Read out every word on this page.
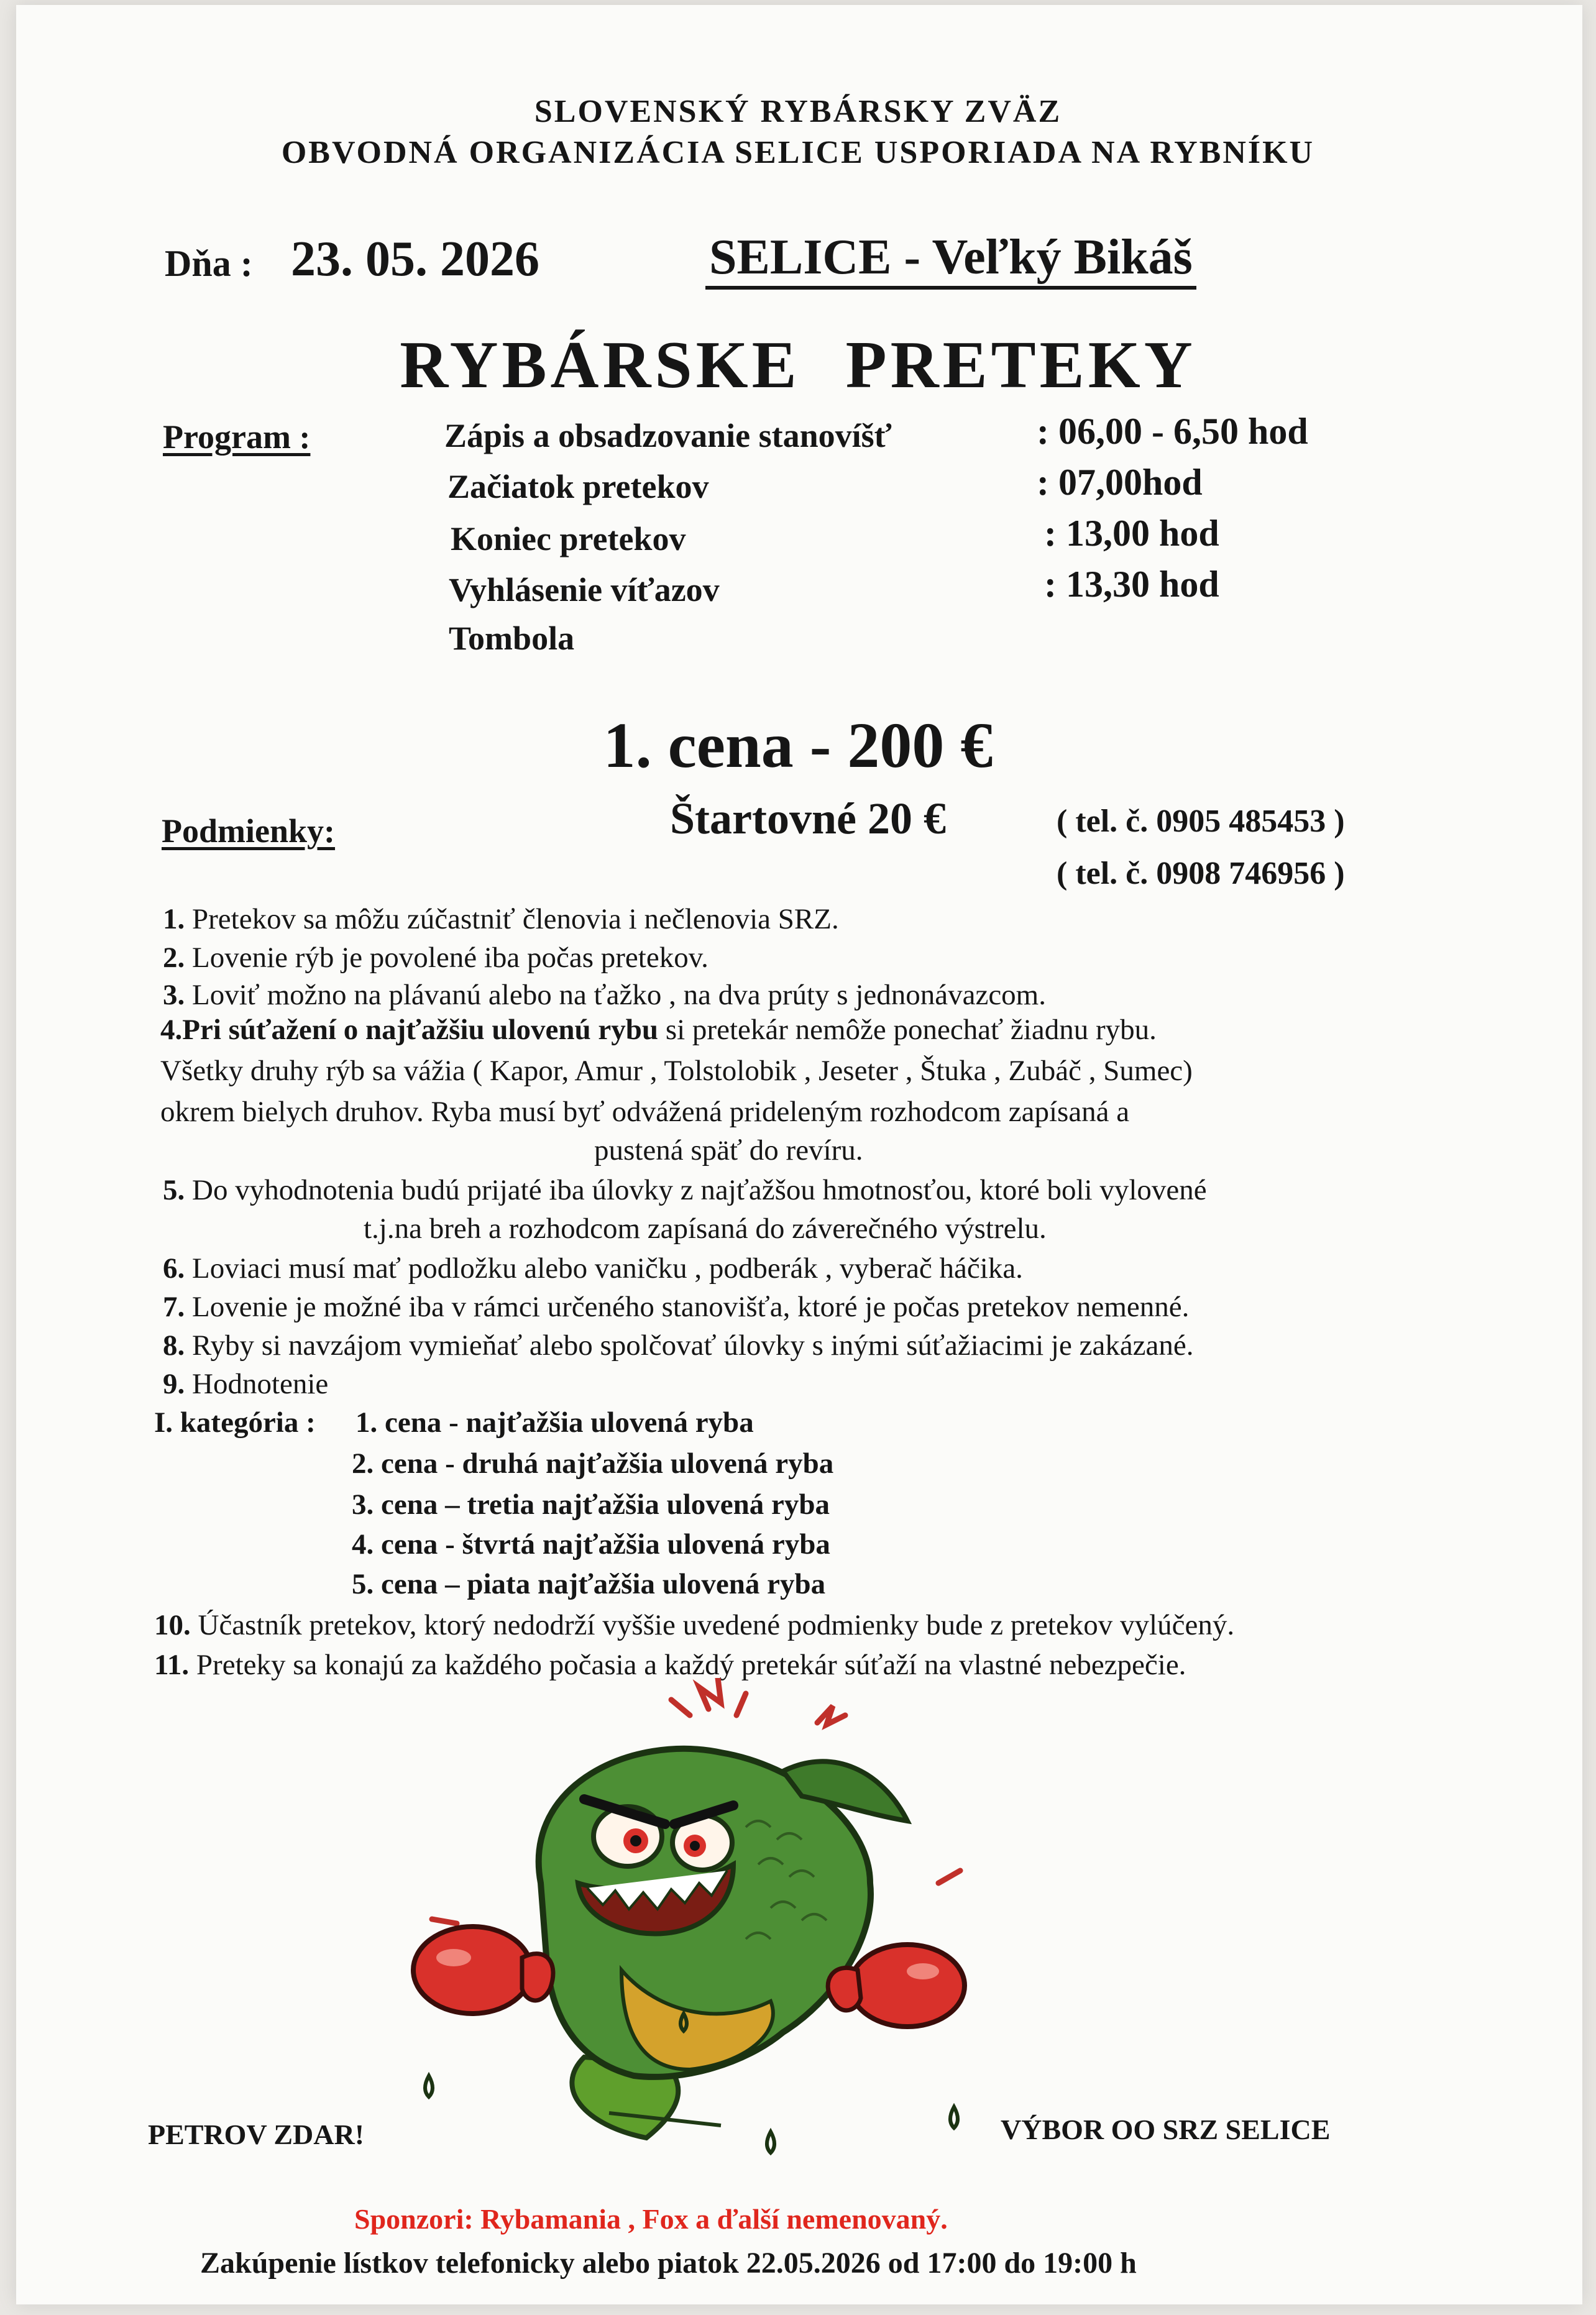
SLOVENSKÝ RYBÁRSKY ZVÄZ
OBVODNÁ ORGANIZÁCIA SELICE USPORIADA NA RYBNÍKU
Dňa : 23. 05. 2026	SELICE - Veľký Bikáš
RYBÁRSKE PRETEKY
Program :	Zápis a obsadzovanie stanovíšť	: 06,00 - 6,50 hod
Začiatok pretekov	: 07,00hod
Koniec pretekov	: 13,00 hod
Vyhlásenie víťazov	: 13,30 hod
Tombola
1. cena - 200 €
Podmienky:	Štartovné 20 €	( tel. č. 0905 485453 )
( tel. č. 0908 746956 )
1. Pretekov sa môžu zúčastniť členovia i nečlenovia SRZ.
2. Lovenie rýb je povolené iba počas pretekov.
3. Loviť možno na plávanú alebo na ťažko , na dva prúty s jednonávazcom.
4.Pri súťažení o najťažšiu ulovenú rybu si pretekár nemôže ponechať žiadnu rybu.
Všetky druhy rýb sa vážia ( Kapor, Amur , Tolstolobik , Jeseter , Štuka , Zubáč , Sumec)
okrem bielych druhov. Ryba musí byť odvážená prideleným rozhodcom zapísaná a
pustená späť do revíru.
5. Do vyhodnotenia budú prijaté iba úlovky z najťažšou hmotnosťou, ktoré boli vylovené
t.j.na breh a rozhodcom zapísaná do záverečného výstrelu.
6. Loviaci musí mať podložku alebo vaničku , podberák , vyberač háčika.
7. Lovenie je možné iba v rámci určeného stanovišťa, ktoré je počas pretekov nemenné.
8. Ryby si navzájom vymieňať alebo spolčovať úlovky s inými súťažiacimi je zakázané.
9. Hodnotenie
I. kategória : 1. cena - najťažšia ulovená ryba
2. cena - druhá najťažšia ulovená ryba
3. cena – tretia najťažšia ulovená ryba
4. cena - štvrtá najťažšia ulovená ryba
5. cena – piata najťažšia ulovená ryba
10. Účastník pretekov, ktorý nedodrží vyššie uvedené podmienky bude z pretekov vylúčený.
11. Preteky sa konajú za každého počasia a každý pretekár súťaží na vlastné nebezpečie.
PETROV ZDAR!	VÝBOR OO SRZ SELICE
Sponzori: Rybamania , Fox a ďalší nemenovaný.
Zakúpenie lístkov telefonicky alebo piatok 22.05.2026 od 17:00 do 19:00 h
